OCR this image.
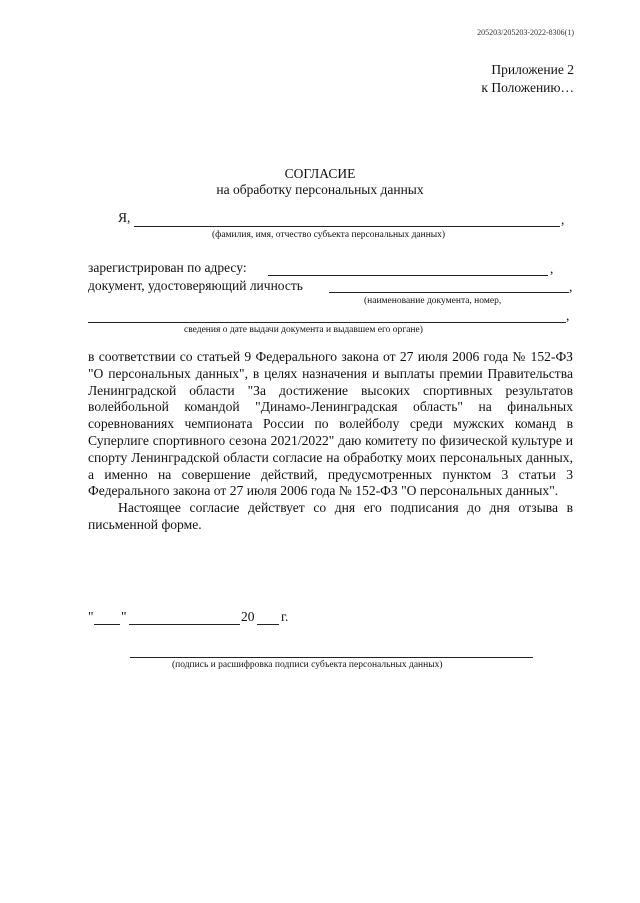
205203/205203-2022-8306(1)
Приложение 2
к Положению…
СОГЛАСИЕ
на обработку персональных данных
Я,	,
(фамилия, имя, отчество субъекта персональных данных)
зарегистрирован по адресу:	,
документ, удостоверяющий личность	,
(наименование документа, номер,
,
сведения о дате выдачи документа и выдавшем его органе)

в соответствии со статьей 9 Федерального закона от 27 июля 2006 года № 152-ФЗ "О персональных данных", в целях назначения и выплаты премии Правительства Ленинградской области "За достижение высоких спортивных результатов волейбольной командой "Динамо-Ленинградская область" на финальных соревнованиях чемпионата России по волейболу среди мужских команд в Суперлиге спортивного сезона 2021/2022" даю комитету по физической культуре и спорту Ленинградской области согласие на обработку моих персональных данных, а именно на совершение действий, предусмотренных пунктом 3 статьи 3 Федерального закона от 27 июля 2006 года № 152-ФЗ "О персональных данных".

Настоящее согласие действует со дня его подписания до дня отзыва в письменной форме.

" "	20 г.
(подпись и расшифровка подписи субъекта персональных данных)
